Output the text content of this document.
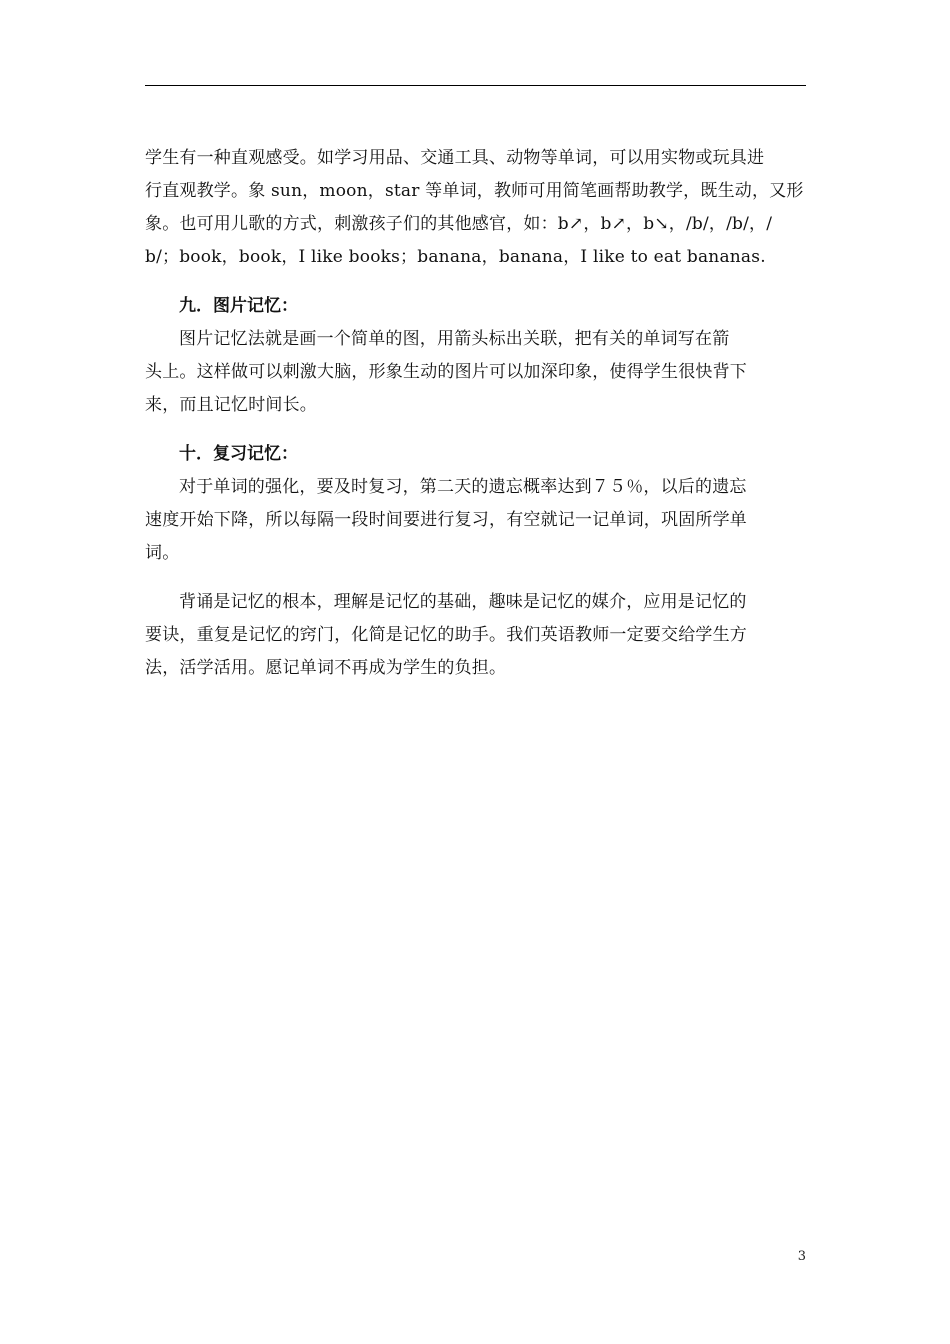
学生有一种直观感受。如学习用品、交通工具、动物等单词，可以用实物或玩具进
行直观教学。象 sun，moon，star 等单词，教师可用简笔画帮助教学，既生动，又形
象。也可用儿歌的方式，刺激孩子们的其他感官，如：b↗，b↗，b↘，/b/，/b/，/
b/；book，book，I like books；banana，banana，I like to eat bananas.

九．图片记忆：

图片记忆法就是画一个简单的图，用箭头标出关联，把有关的单词写在箭
头上。这样做可以刺激大脑，形象生动的图片可以加深印象，使得学生很快背下
来，而且记忆时间长。

十．复习记忆：

对于单词的强化，要及时复习，第二天的遗忘概率达到７５％，以后的遗忘
速度开始下降，所以每隔一段时间要进行复习，有空就记一记单词，巩固所学单
词。

背诵是记忆的根本，理解是记忆的基础，趣味是记忆的媒介，应用是记忆的
要诀，重复是记忆的窍门，化简是记忆的助手。我们英语教师一定要交给学生方
法，活学活用。愿记单词不再成为学生的负担。

3
